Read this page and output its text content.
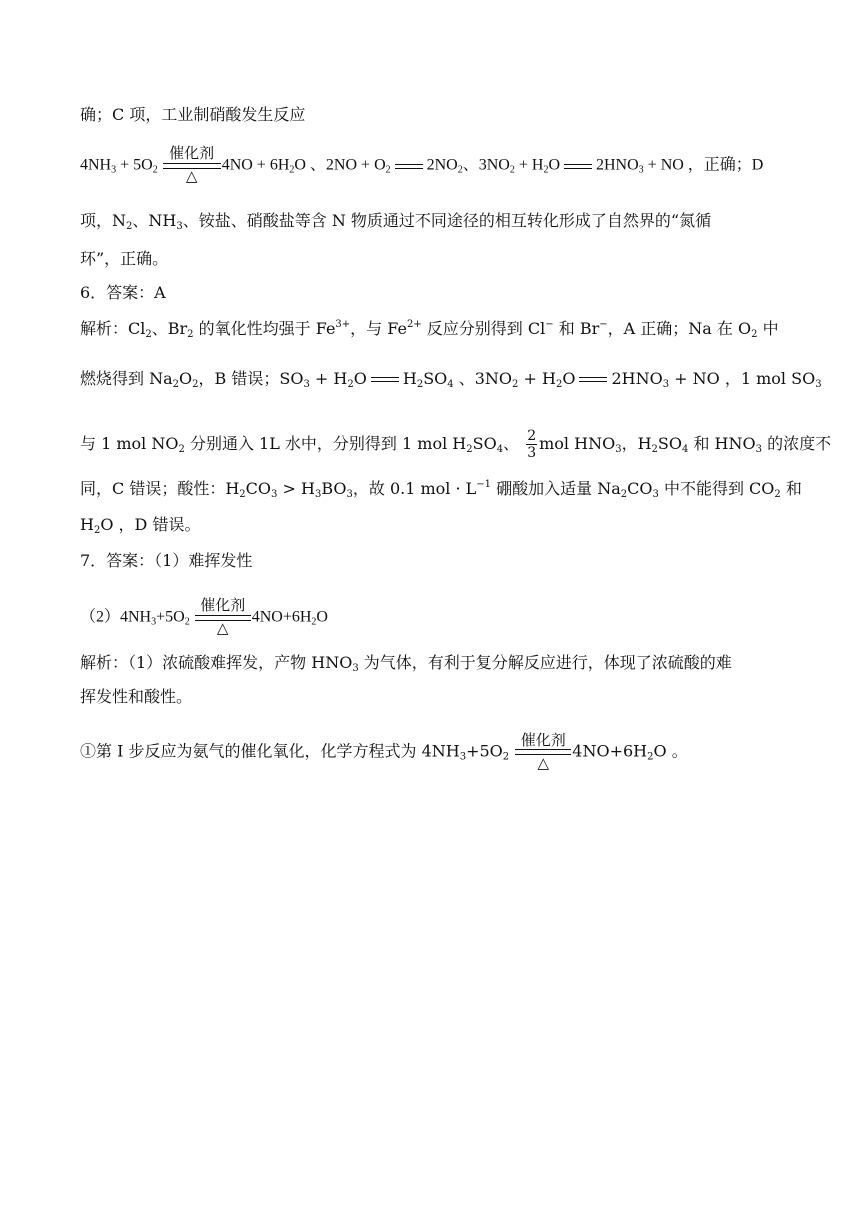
确；C 项，工业制硝酸发生反应
$4NH_3 + 5O_2$
催化剂
△
$4NO + 6H_2O$ 、$2NO + O_2$ $2NO_2$、$3NO_2 + H_2O$ $2HNO_3$ + NO ，正确；D
项，$N_2$、$NH_3$、铵盐、硝酸盐等含 N 物质通过不同途径的相互转化形成了自然界的“氮循
环”，正确。
6．答案：A
解析：$Cl_2$、$Br_2$ 的氧化性均强于 $Fe^{3+}$，与 $Fe^{2+}$ 反应分别得到 Cl− 和 Br−，A 正确；Na 在 $O_2$ 中
燃烧得到 $Na_2O_2$，B 错误；$SO_3 + H_2O$ $H_2SO_4$ 、$3NO_2 + H_2O$ $2HNO_3$ + NO ，1 mol $SO_3$
与 1 mol $NO_2$ 分别通入 1L 水中，分别得到 1 mol $H_2SO_4$、 $\frac{2}{3}$ mol $HNO_3$，$H_2SO_4$ 和 $HNO_3$ 的浓度不
同，C 错误；酸性：$H_2CO_3 > H_3BO_3$，故 0.1 mol · $L^{-1}$ 硼酸加入适量 $Na_2CO_3$ 中不能得到 $CO_2$ 和
$H_2O$ ，D 错误。
7．答案：（1）难挥发性
$(2)4NH_3+5O_2$
催化剂
△
$4NO+6H_2O$
解析：（1）浓硫酸难挥发，产物 $HNO_3$ 为气体，有利于复分解反应进行，体现了浓硫酸的难
挥发性和酸性。
①第 I 步反应为氨气的催化氧化，化学方程式为 $4NH_3+5O_2$
催化剂
△
$4NO+6H_2O$ 。
